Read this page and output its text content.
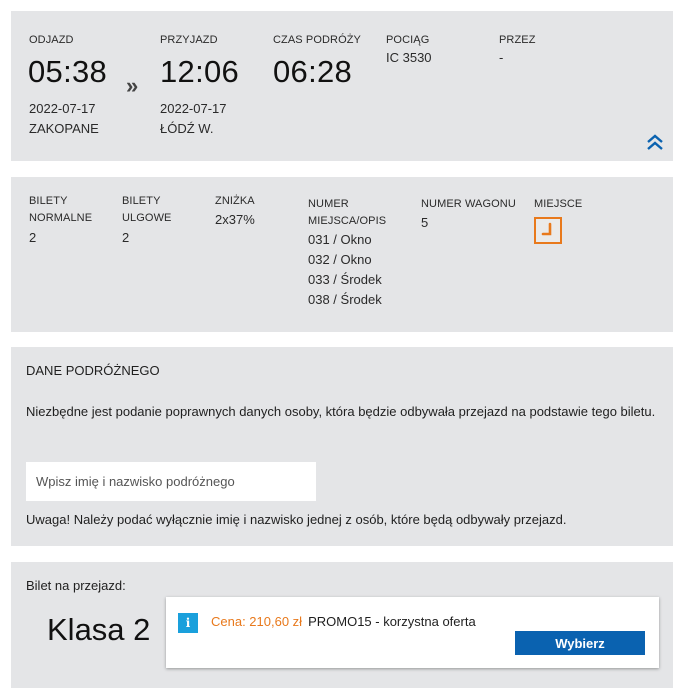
ODJAZD
05:38
2022-07-17
ZAKOPANE
»
PRZYJAZD
12:06
2022-07-17
ŁÓDŹ W.
CZAS PODRÓŻY
06:28
POCIĄG
IC 3530
PRZEZ
-
BILETY
NORMALNE
2
BILETY
ULGOWE
2
ZNIŻKA
2x37%
NUMER
MIEJSCA/OPIS
031 / Okno
032 / Okno
033 / Środek
038 / Środek
NUMER WAGONU
5
MIEJSCE
DANE PODRÓŻNEGO
Niezbędne jest podanie poprawnych danych osoby, która będzie odbywała przejazd na podstawie tego biletu.
Wpisz imię i nazwisko podróżnego
Uwaga! Należy podać wyłącznie imię i nazwisko jednej z osób, które będą odbywały przejazd.
Bilet na przejazd:
Klasa 2	i	Cena: 210,60 zł PROMO15 - korzystna oferta
Wybierz
